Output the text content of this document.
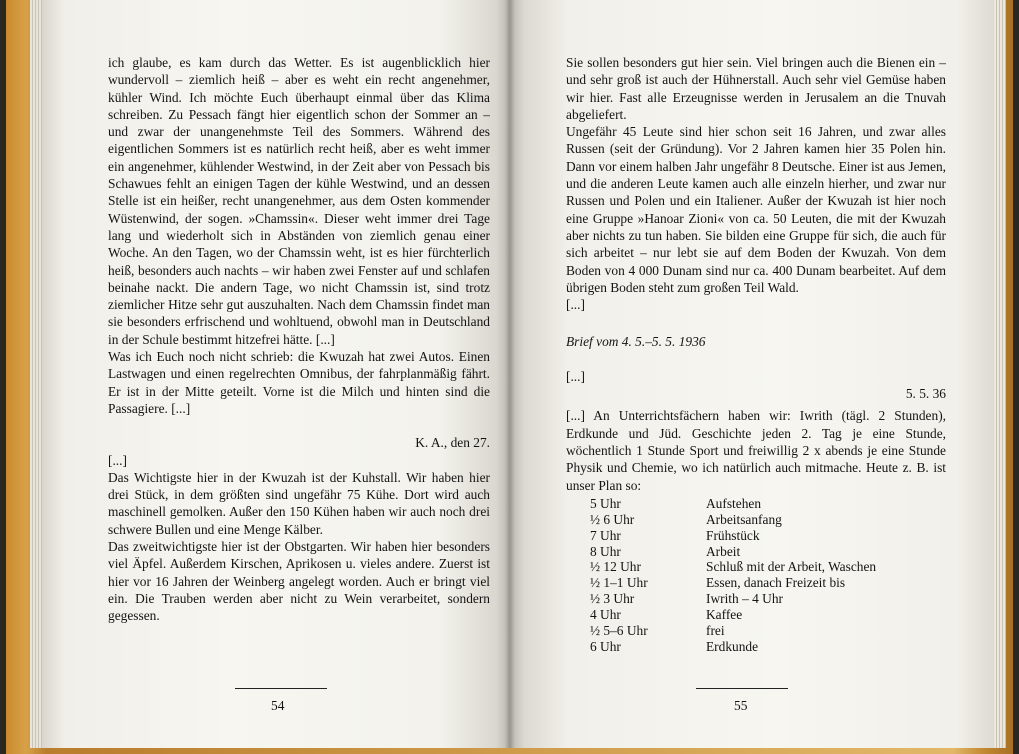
ich glaube, es kam durch das Wetter. Es ist augenblicklich hier wundervoll – ziemlich heiß – aber es weht ein recht angenehmer, kühler Wind. Ich möchte Euch überhaupt einmal über das Klima schreiben. Zu Pessach fängt hier eigentlich schon der Sommer an – und zwar der unangenehmste Teil des Sommers. Während des eigentlichen Sommers ist es natürlich recht heiß, aber es weht immer ein angenehmer, kühlender Westwind, in der Zeit aber von Pessach bis Schawues fehlt an einigen Tagen der kühle Westwind, und an dessen Stelle ist ein heißer, recht unangenehmer, aus dem Osten kommender Wüstenwind, der sogen. »Chamssin«. Dieser weht immer drei Tage lang und wiederholt sich in Abständen von ziemlich genau einer Woche. An den Tagen, wo der Chamssin weht, ist es hier fürchterlich heiß, besonders auch nachts – wir haben zwei Fenster auf und schlafen beinahe nackt. Die andern Tage, wo nicht Chamssin ist, sind trotz ziemlicher Hitze sehr gut auszuhalten. Nach dem Chamssin findet man sie besonders erfrischend und wohltuend, obwohl man in Deutschland in der Schule bestimmt hitzefrei hätte. [...]

Was ich Euch noch nicht schrieb: die Kwuzah hat zwei Autos. Einen Lastwagen und einen regelrechten Omnibus, der fahrplanmäßig fährt. Er ist in der Mitte geteilt. Vorne ist die Milch und hinten sind die Passagiere. [...]

K. A., den 27.

[...]

Das Wichtigste hier in der Kwuzah ist der Kuhstall. Wir haben hier drei Stück, in dem größten sind ungefähr 75 Kühe. Dort wird auch maschinell gemolken. Außer den 150 Kühen haben wir auch noch drei schwere Bullen und eine Menge Kälber.

Das zweitwichtigste hier ist der Obstgarten. Wir haben hier besonders viel Äpfel. Außerdem Kirschen, Aprikosen u. vieles andere. Zuerst ist hier vor 16 Jahren der Weinberg angelegt worden. Auch er bringt viel ein. Die Trauben werden aber nicht zu Wein verarbeitet, sondern gegessen.

54

Sie sollen besonders gut hier sein. Viel bringen auch die Bienen ein – und sehr groß ist auch der Hühnerstall. Auch sehr viel Gemüse haben wir hier. Fast alle Erzeugnisse werden in Jerusalem an die Tnuvah abgeliefert.

Ungefähr 45 Leute sind hier schon seit 16 Jahren, und zwar alles Russen (seit der Gründung). Vor 2 Jahren kamen hier 35 Polen hin. Dann vor einem halben Jahr ungefähr 8 Deutsche. Einer ist aus Jemen, und die anderen Leute kamen auch alle einzeln hierher, und zwar nur Russen und Polen und ein Italiener. Außer der Kwuzah ist hier noch eine Gruppe »Hanoar Zioni« von ca. 50 Leuten, die mit der Kwuzah aber nichts zu tun haben. Sie bilden eine Gruppe für sich, die auch für sich arbeitet – nur lebt sie auf dem Boden der Kwuzah. Von dem Boden von 4 000 Dunam sind nur ca. 400 Dunam bearbeitet. Auf dem übrigen Boden steht zum großen Teil Wald.

[...]

Brief vom 4. 5.–5. 5. 1936

[...]

5. 5. 36

[...] An Unterrichtsfächern haben wir: Iwrith (tägl. 2 Stunden), Erdkunde und Jüd. Geschichte jeden 2. Tag je eine Stunde, wöchentlich 1 Stunde Sport und freiwillig 2 x abends je eine Stunde Physik und Chemie, wo ich natürlich auch mitmache. Heute z. B. ist unser Plan so:

5 Uhr	Aufstehen
½ 6 Uhr	Arbeitsanfang
7 Uhr	Frühstück
8 Uhr	Arbeit
½ 12 Uhr	Schluß mit der Arbeit, Waschen
½ 1–1 Uhr	Essen, danach Freizeit bis
½ 3 Uhr	Iwrith – 4 Uhr
4 Uhr	Kaffee
½ 5–6 Uhr	frei
6 Uhr	Erdkunde
55
